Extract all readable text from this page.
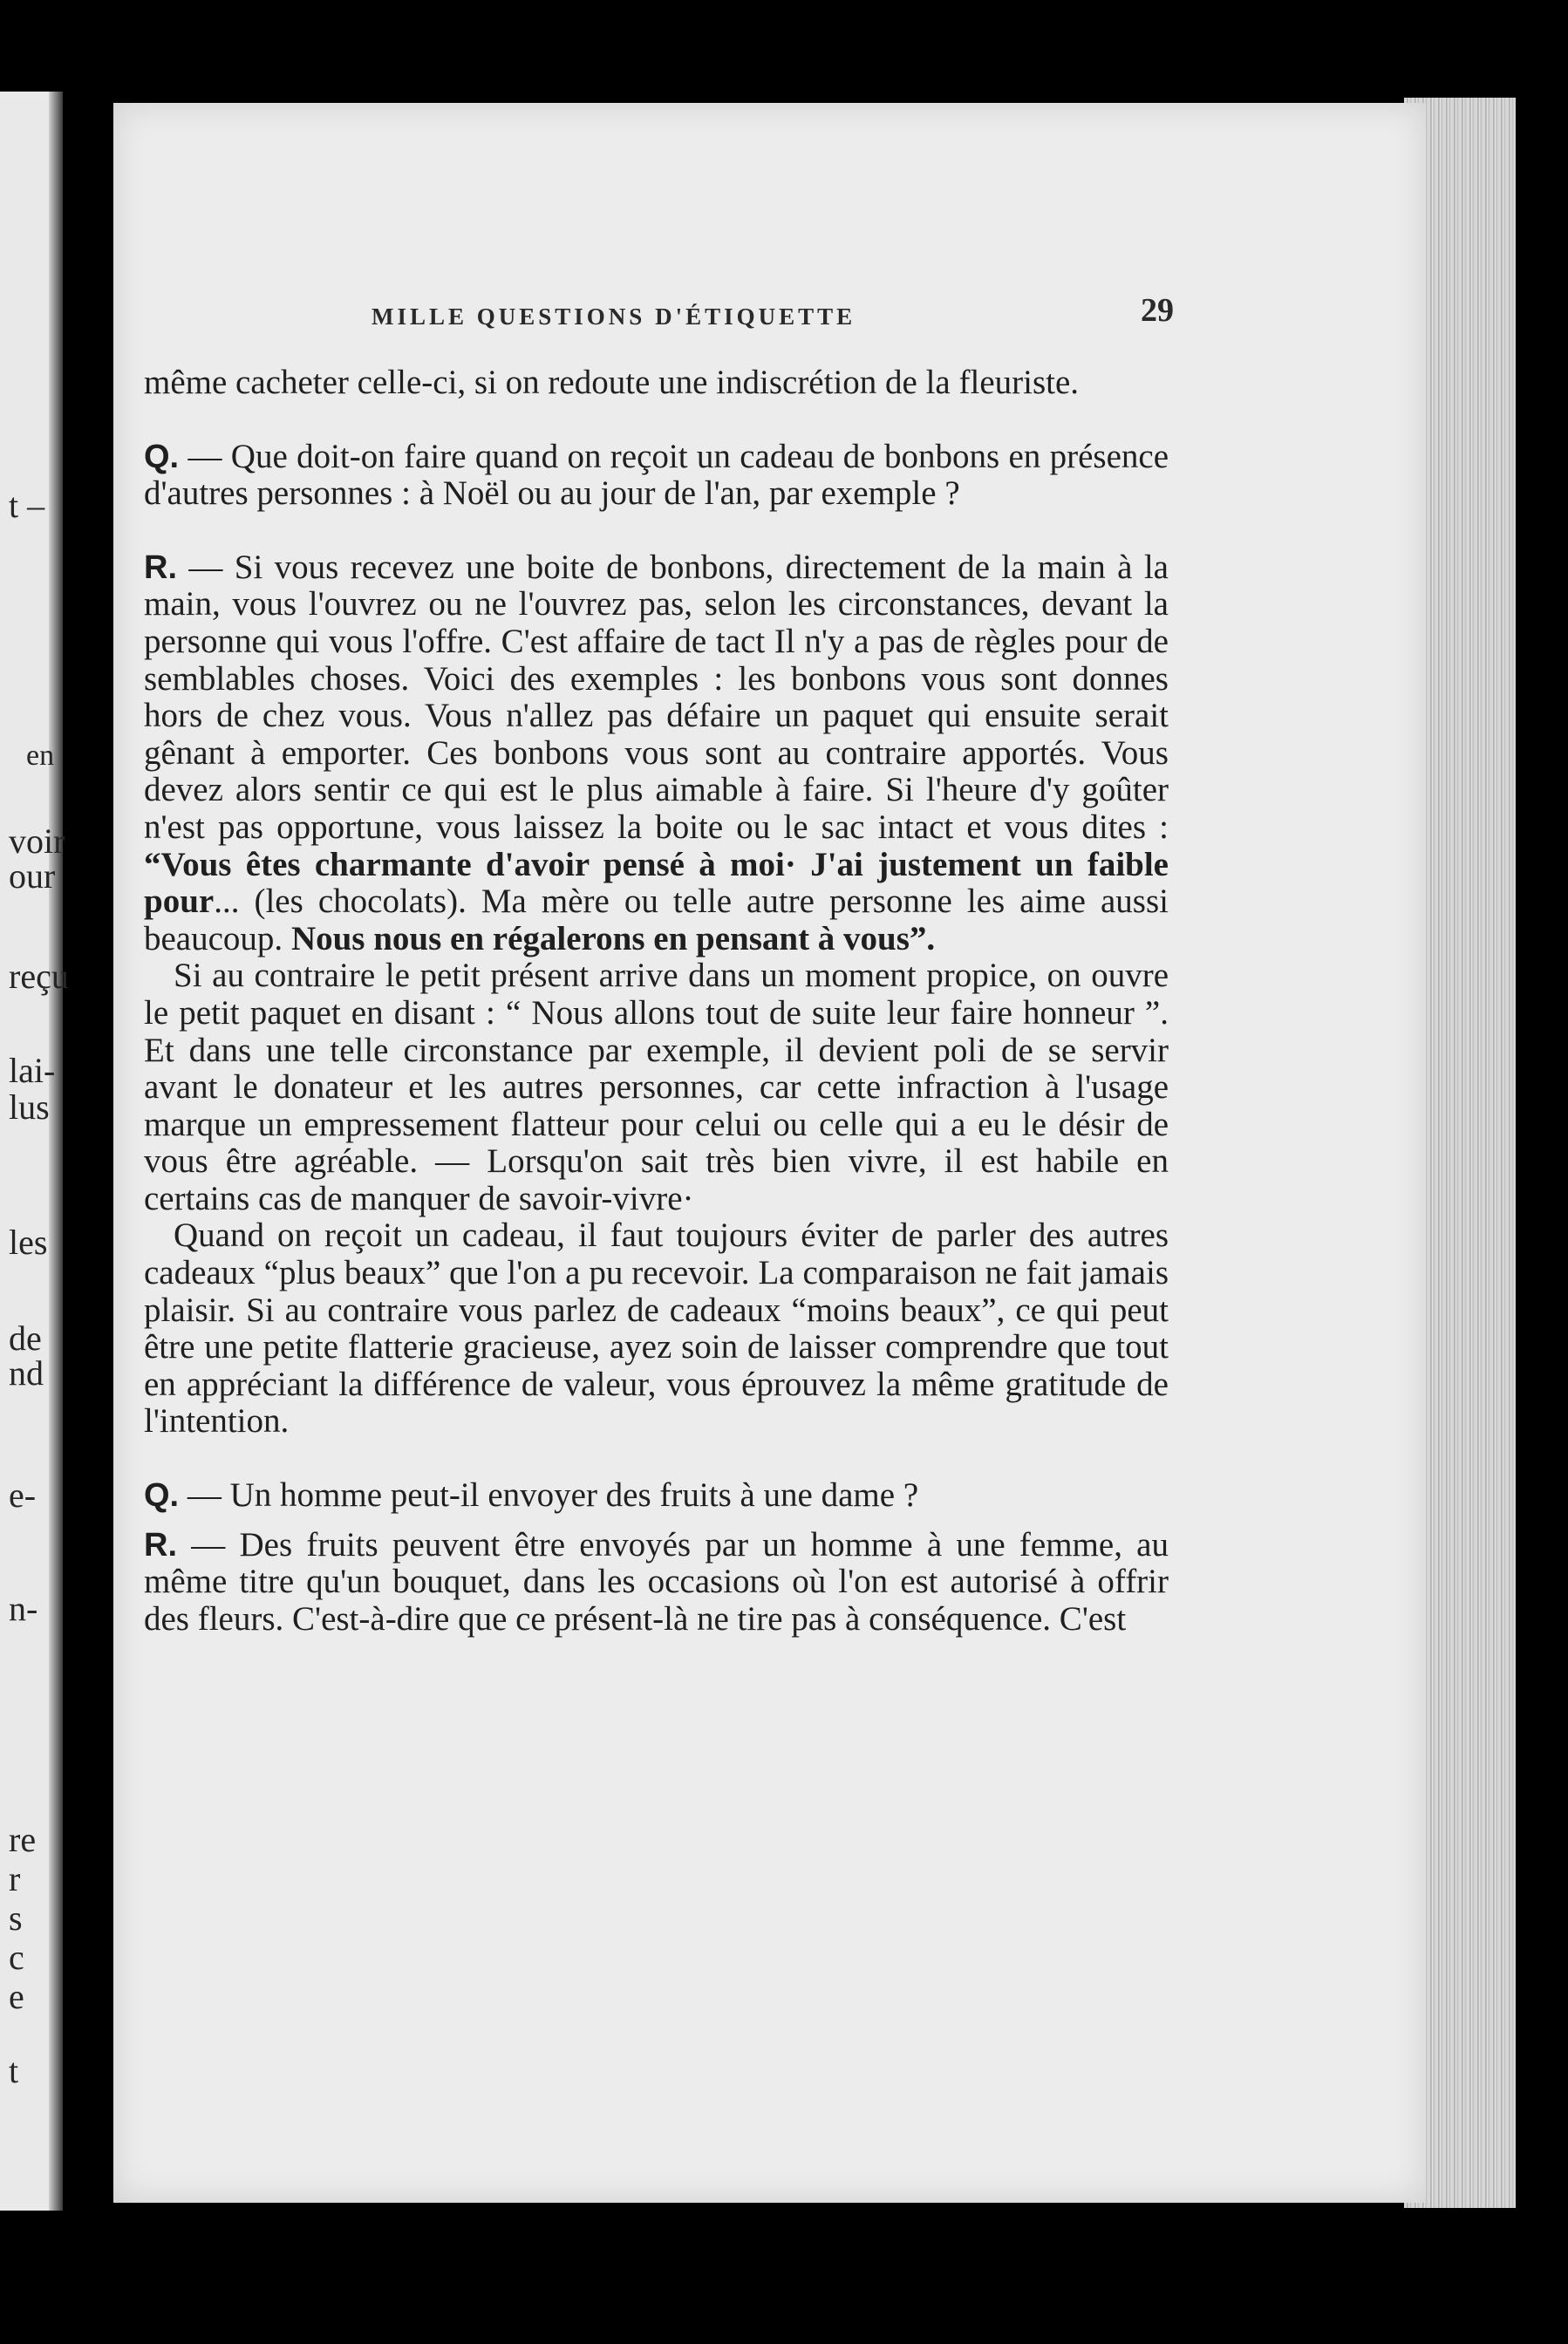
t –
en
voir
our
reçu
lai-
lus
les
de
nd
e-
n-
re
r
s
c
e
t
MILLE QUESTIONS D'ÉTIQUETTE	29

même cacheter celle-ci, si on redoute une indiscrétion de la fleuriste.

Q. — Que doit-on faire quand on reçoit un cadeau de bonbons en présence d'autres personnes : à Noël ou au jour de l'an, par exemple ?

R. — Si vous recevez une boite de bonbons, directement de la main à la main, vous l'ouvrez ou ne l'ouvrez pas, selon les circonstances, devant la personne qui vous l'offre. C'est affaire de tact Il n'y a pas de règles pour de semblables choses. Voici des exemples : les bonbons vous sont donnes hors de chez vous. Vous n'allez pas défaire un paquet qui ensuite serait gênant à emporter. Ces bonbons vous sont au contraire apportés. Vous devez alors sentir ce qui est le plus aimable à faire. Si l'heure d'y goûter n'est pas opportune, vous laissez la boite ou le sac intact et vous dites : “Vous êtes charmante d'avoir pensé à moi· J'ai justement un faible pour... (les chocolats). Ma mère ou telle autre personne les aime aussi beaucoup. Nous nous en régalerons en pensant à vous”.

Si au contraire le petit présent arrive dans un moment propice, on ouvre le petit paquet en disant : “ Nous allons tout de suite leur faire honneur ”. Et dans une telle circonstance par exemple, il devient poli de se servir avant le donateur et les autres personnes, car cette infraction à l'usage marque un empressement flatteur pour celui ou celle qui a eu le désir de vous être agréable. — Lorsqu'on sait très bien vivre, il est habile en certains cas de manquer de savoir-vivre·

Quand on reçoit un cadeau, il faut toujours éviter de parler des autres cadeaux “plus beaux” que l'on a pu recevoir. La comparaison ne fait jamais plaisir. Si au contraire vous parlez de cadeaux “moins beaux”, ce qui peut être une petite flatterie gracieuse, ayez soin de laisser comprendre que tout en appréciant la différence de valeur, vous éprouvez la même gratitude de l'intention.

Q. — Un homme peut-il envoyer des fruits à une dame ?

R. — Des fruits peuvent être envoyés par un homme à une femme, au même titre qu'un bouquet, dans les occasions où l'on est autorisé à offrir des fleurs. C'est-à-dire que ce présent-là ne tire pas à conséquence. C'est
